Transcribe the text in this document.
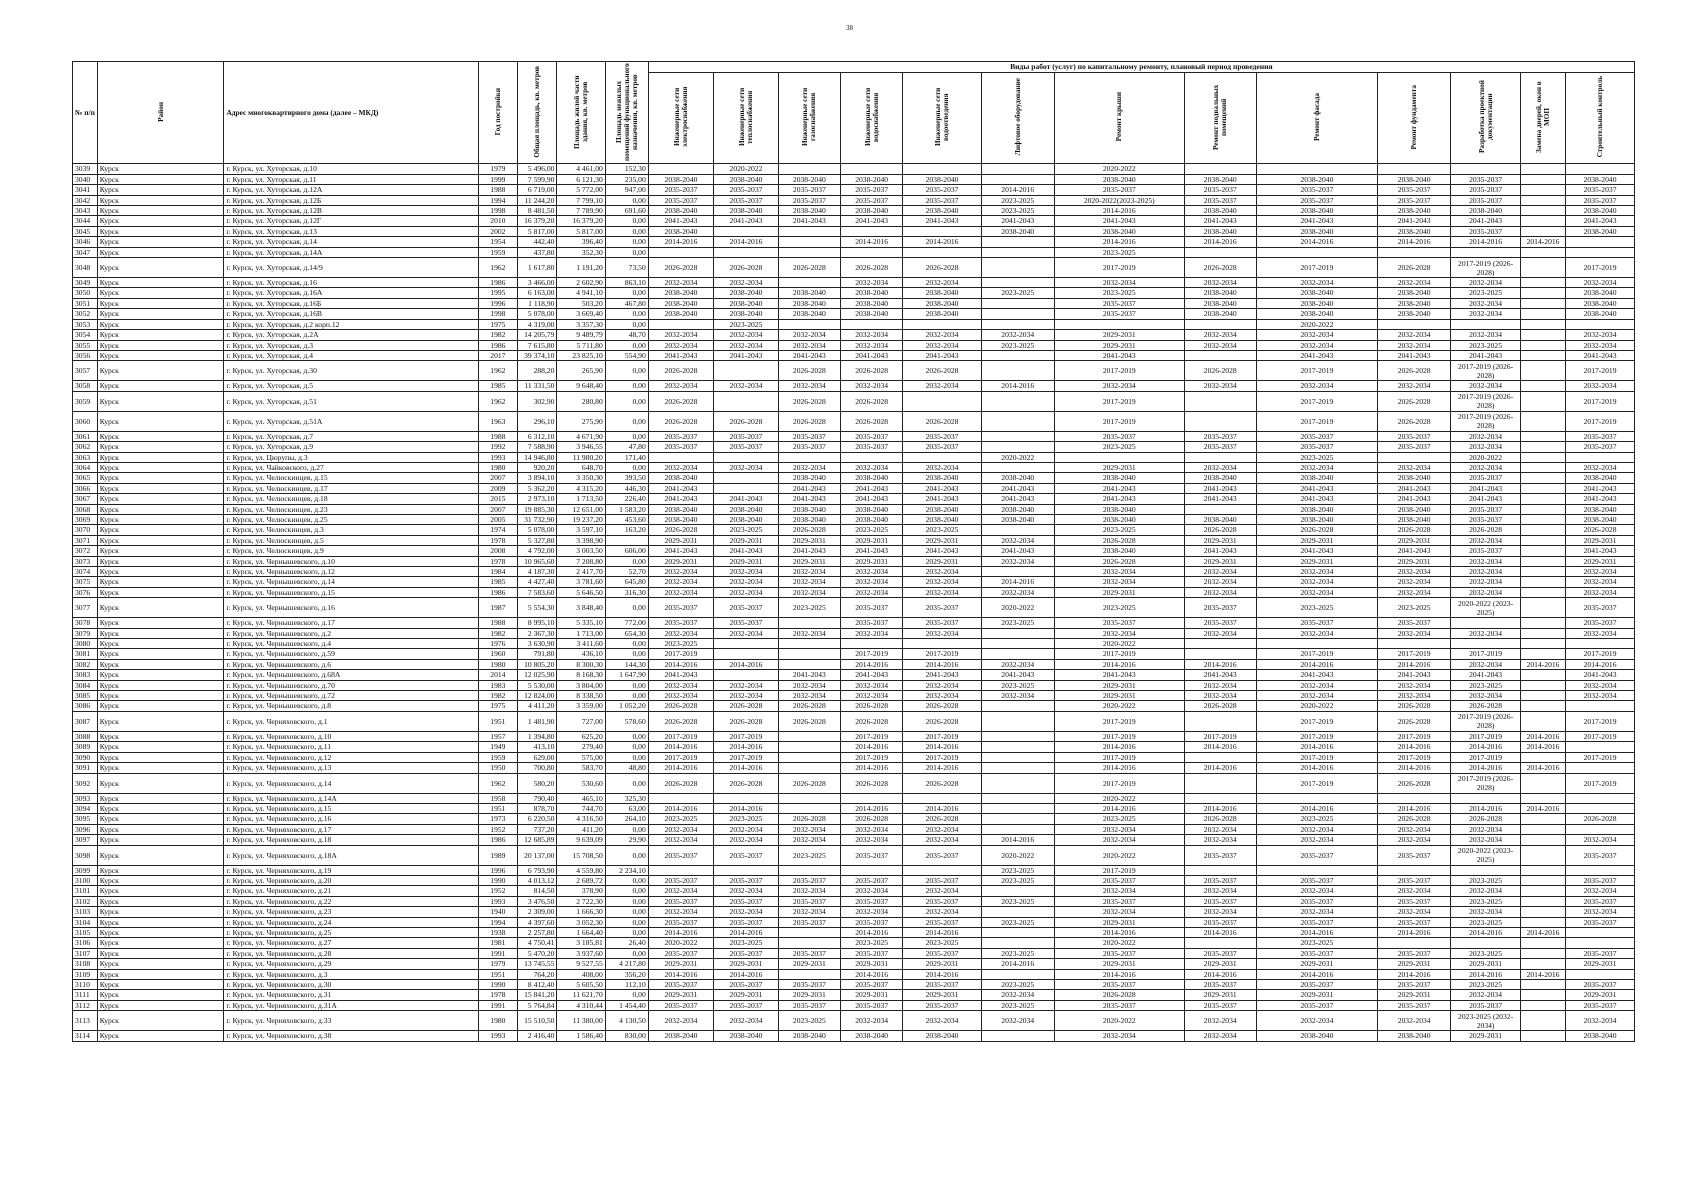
38
№ п/п	Район	Адрес многоквартирного дома (далее – МКД)	Год постройки	Общая площадь, кв. метров	Площадь жилой части здания, кв. метров	Площадь нежилых помещений функционального назначения, кв. метров	Виды работ (услуг) по капитальному ремонту, плановый период проведения												
							Инженерные сети электроснабжения	Инженерные сети теплоснабжения	Инженерные сети газоснабжения	Инженерные сети водоснабжения	Инженерные сети водоотведения	Лифтовое оборудование	Ремонт крыши	Ремонт подвальных помещений	Ремонт фасада	Ремонт фундамента	Разработка проектной документации	Замена дверей, окон в МОП	Строительный контроль
3039	Курск	г. Курск, ул. Хуторская, д.10	1979	5 496,00	4 461,00	152,30		2020-2022					2020-2022						
3040	Курск	г. Курск, ул. Хуторская, д.11	1999	7 599,90	6 121,30	235,00	2038-2040	2038-2040	2038-2040	2038-2040	2038-2040		2038-2040	2038-2040	2038-2040	2038-2040	2035-2037		2038-2040
3041	Курск	г. Курск, ул. Хуторская, д.12А	1988	6 719,00	5 772,00	947,00	2035-2037	2035-2037	2035-2037	2035-2037	2035-2037	2014-2016	2035-2037	2035-2037	2035-2037	2035-2037	2035-2037		2035-2037
3042	Курск	г. Курск, ул. Хуторская, д.12Б	1994	11 244,20	7 799,10	0,00	2035-2037	2035-2037	2035-2037	2035-2037	2035-2037	2023-2025	2020-2022(2023-2025)	2035-2037	2035-2037	2035-2037	2035-2037		2035-2037
3043	Курск	г. Курск, ул. Хуторская, д.12В	1998	8 481,50	7 789,90	691,60	2038-2040	2038-2040	2038-2040	2038-2040	2038-2040	2023-2025	2014-2016	2038-2040	2038-2040	2038-2040	2038-2040		2038-2040
3044	Курск	г. Курск, ул. Хуторская, д.12Г	2010	16 379,20	16 379,20	0,00	2041-2043	2041-2043	2041-2043	2041-2043	2041-2043	2041-2043	2041-2043	2041-2043	2041-2043	2041-2043	2041-2043		2041-2043
3045	Курск	г. Курск, ул. Хуторская, д.13	2002	5 817,00	5 817,00	0,00	2038-2040					2038-2040	2038-2040	2038-2040	2038-2040	2038-2040	2035-2037		2038-2040
3046	Курск	г. Курск, ул. Хуторская, д.14	1954	442,40	396,40	0,00	2014-2016	2014-2016		2014-2016	2014-2016		2014-2016	2014-2016	2014-2016	2014-2016	2014-2016	2014-2016	
3047	Курск	г. Курск, ул. Хуторская, д.14А	1959	437,80	352,30	0,00							2023-2025						
3048	Курск	г. Курск, ул. Хуторская, д.14/9	1962	1 617,80	1 191,20	73,50	2026-2028	2026-2028	2026-2028	2026-2028	2026-2028		2017-2019	2026-2028	2017-2019	2026-2028	2017-2019 (2026-2028)		2017-2019
3049	Курск	г. Курск, ул. Хуторская, д.16	1986	3 466,00	2 602,90	863,10	2032-2034	2032-2034		2032-2034	2032-2034		2032-2034	2032-2034	2032-2034	2032-2034	2032-2034		2032-2034
3050	Курск	г. Курск, ул. Хуторская, д.16А	1995	6 163,00	4 941,10	0,00	2038-2040	2038-2040	2038-2040	2038-2040	2038-2040	2023-2025	2023-2025	2038-2040	2038-2040	2038-2040	2023-2025		2038-2040
3051	Курск	г. Курск, ул. Хуторская, д.16Б	1996	1 118,90	503,20	467,80	2038-2040	2038-2040	2038-2040	2038-2040	2038-2040		2035-2037	2038-2040	2038-2040	2038-2040	2032-2034		2038-2040
3052	Курск	г. Курск, ул. Хуторская, д.16В	1998	5 078,00	3 669,40	0,00	2038-2040	2038-2040	2038-2040	2038-2040	2038-2040		2035-2037	2038-2040	2038-2040	2038-2040	2032-2034		2038-2040
3053	Курск	г. Курск, ул. Хуторская, д.2 корп.12	1975	4 319,00	3 357,30	0,00		2023-2025							2020-2022				
3054	Курск	г. Курск, ул. Хуторская, д.2А	1982	14 205,79	9 489,79	48,70	2032-2034	2032-2034	2032-2034	2032-2034	2032-2034	2032-2034	2029-2031	2032-2034	2032-2034	2032-2034	2032-2034		2032-2034
3055	Курск	г. Курск, ул. Хуторская, д.3	1986	7 615,80	5 711,80	0,00	2032-2034	2032-2034	2032-2034	2032-2034	2032-2034	2023-2025	2029-2031	2032-2034	2032-2034	2032-2034	2023-2025		2032-2034
3056	Курск	г. Курск, ул. Хуторская, д.4	2017	39 374,10	23 825,10	554,90	2041-2043	2041-2043	2041-2043	2041-2043	2041-2043		2041-2043		2041-2043	2041-2043	2041-2043		2041-2043
3057	Курск	г. Курск, ул. Хуторская, д.30	1962	288,20	265,90	0,00	2026-2028		2026-2028	2026-2028	2026-2028		2017-2019	2026-2028	2017-2019	2026-2028	2017-2019 (2026-2028)		2017-2019
3058	Курск	г. Курск, ул. Хуторская, д.5	1985	11 331,50	9 648,40	0,00	2032-2034	2032-2034	2032-2034	2032-2034	2032-2034	2014-2016	2032-2034	2032-2034	2032-2034	2032-2034	2032-2034		2032-2034
3059	Курск	г. Курск, ул. Хуторская, д.51	1962	302,90	280,80	0,00	2026-2028		2026-2028	2026-2028			2017-2019		2017-2019	2026-2028	2017-2019 (2026-2028)		2017-2019
3060	Курск	г. Курск, ул. Хуторская, д.51А	1963	296,10	275,90	0,00	2026-2028	2026-2028	2026-2028	2026-2028	2026-2028		2017-2019		2017-2019	2026-2028	2017-2019 (2026-2028)		2017-2019
3061	Курск	г. Курск, ул. Хуторская, д.7	1988	6 312,10	4 671,90	0,00	2035-2037	2035-2037	2035-2037	2035-2037	2035-2037		2035-2037	2035-2037	2035-2037	2035-2037	2032-2034		2035-2037
3062	Курск	г. Курск, ул. Хуторская, д.9	1992	7 588,90	3 946,55	47,80	2035-2037	2035-2037	2035-2037	2035-2037	2035-2037		2023-2025	2035-2037	2035-2037	2035-2037	2032-2034		2035-2037
3063	Курск	г. Курск, ул. Цюрупы, д.3	1993	14 946,80	11 980,20	171,40						2020-2022			2023-2025		2020-2022		
3064	Курск	г. Курск, ул. Чайковского, д.27	1980	920,20	648,70	0,00	2032-2034	2032-2034	2032-2034	2032-2034	2032-2034		2029-2031	2032-2034	2032-2034	2032-2034	2032-2034		2032-2034
3065	Курск	г. Курск, ул. Челюскинцев, д.15	2007	3 894,10	3 350,30	393,50	2038-2040		2038-2040	2038-2040	2038-2040	2038-2040	2038-2040	2038-2040	2038-2040	2038-2040	2035-2037		2038-2040
3066	Курск	г. Курск, ул. Челюскинцев, д.17	2009	5 362,20	4 315,20	446,30	2041-2043		2041-2043	2041-2043	2041-2043	2041-2043	2041-2043	2041-2043	2041-2043	2041-2043	2041-2043		2041-2043
3067	Курск	г. Курск, ул. Челюскинцев, д.18	2015	2 973,10	1 713,50	226,40	2041-2043	2041-2043	2041-2043	2041-2043	2041-2043	2041-2043	2041-2043	2041-2043	2041-2043	2041-2043	2041-2043		2041-2043
3068	Курск	г. Курск, ул. Челюскинцев, д.23	2007	19 885,30	12 651,00	1 583,20	2038-2040	2038-2040	2038-2040	2038-2040	2038-2040	2038-2040	2038-2040		2038-2040	2038-2040	2035-2037		2038-2040
3069	Курск	г. Курск, ул. Челюскинцев, д.25	2005	31 732,90	19 237,20	453,60	2038-2040	2038-2040	2038-2040	2038-2040	2038-2040	2038-2040	2038-2040	2038-2040	2038-2040	2038-2040	2035-2037		2038-2040
3070	Курск	г. Курск, ул. Челюскинцев, д.3	1974	5 078,00	3 597,10	163,20	2026-2028	2023-2025	2026-2028	2023-2025	2023-2025		2023-2025	2026-2028	2026-2028	2026-2028	2026-2028		2026-2028
3071	Курск	г. Курск, ул. Челюскинцев, д.5	1978	5 327,80	3 398,90		2029-2031	2029-2031	2029-2031	2029-2031	2029-2031	2032-2034	2026-2028	2029-2031	2029-2031	2029-2031	2032-2034		2029-2031
3072	Курск	г. Курск, ул. Челюскинцев, д.9	2008	4 792,00	3 003,50	606,00	2041-2043	2041-2043	2041-2043	2041-2043	2041-2043	2041-2043	2038-2040	2041-2043	2041-2043	2041-2043	2035-2037		2041-2043
3073	Курск	г. Курск, ул. Чернышевского, д.10	1978	10 965,60	7 208,80	0,00	2029-2031	2029-2031	2029-2031	2029-2031	2029-2031	2032-2034	2026-2028	2029-2031	2029-2031	2029-2031	2032-2034		2029-2031
3074	Курск	г. Курск, ул. Чернышевского, д.12	1984	4 187,30	2 417,70	52,70	2032-2034	2032-2034	2032-2034	2032-2034	2032-2034		2032-2034	2032-2034	2032-2034	2032-2034	2032-2034		2032-2034
3075	Курск	г. Курск, ул. Чернышевского, д.14	1985	4 427,40	3 781,60	645,80	2032-2034	2032-2034	2032-2034	2032-2034	2032-2034	2014-2016	2032-2034	2032-2034	2032-2034	2032-2034	2032-2034		2032-2034
3076	Курск	г. Курск, ул. Чернышевского, д.15	1986	7 583,60	5 646,50	316,30	2032-2034	2032-2034	2032-2034	2032-2034	2032-2034	2032-2034	2029-2031	2032-2034	2032-2034	2032-2034	2032-2034		2032-2034
3077	Курск	г. Курск, ул. Чернышевского, д.16	1987	5 554,30	3 848,40	0,00	2035-2037	2035-2037	2023-2025	2035-2037	2035-2037	2020-2022	2023-2025	2035-2037	2023-2025	2023-2025	2020-2022 (2023-2025)		2035-2037
3078	Курск	г. Курск, ул. Чернышевского, д.17	1988	8 995,10	5 335,10	772,00	2035-2037	2035-2037		2035-2037	2035-2037	2023-2025	2035-2037	2035-2037	2035-2037	2035-2037			2035-2037
3079	Курск	г. Курск, ул. Чернышевского, д.2	1982	2 367,30	1 713,00	654,30	2032-2034	2032-2034	2032-2034	2032-2034	2032-2034		2032-2034	2032-2034	2032-2034	2032-2034	2032-2034		2032-2034
3080	Курск	г. Курск, ул. Чернышевского, д.4	1976	3 630,90	3 411,60	0,00	2023-2025						2020-2022						
3081	Курск	г. Курск, ул. Чернышевского, д.59	1960	791,80	436,10	0,00	2017-2019			2017-2019	2017-2019		2017-2019		2017-2019	2017-2019	2017-2019		2017-2019
3082	Курск	г. Курск, ул. Чернышевского, д.6	1980	10 805,20	8 300,30	144,30	2014-2016	2014-2016		2014-2016	2014-2016	2032-2034	2014-2016	2014-2016	2014-2016	2014-2016	2032-2034	2014-2016	2014-2016
3083	Курск	г. Курск, ул. Чернышевского, д.68А	2014	12 025,90	8 168,30	1 647,90	2041-2043		2041-2043	2041-2043	2041-2043	2041-2043	2041-2043	2041-2043	2041-2043	2041-2043	2041-2043		2041-2043
3084	Курск	г. Курск, ул. Чернышевского, д.70	1983	5 530,00	3 804,00	0,00	2032-2034	2032-2034	2032-2034	2032-2034	2032-2034	2023-2025	2029-2031	2032-2034	2032-2034	2032-2034	2023-2025		2032-2034
3085	Курск	г. Курск, ул. Чернышевского, д.72	1982	12 824,00	8 338,50	0,00	2032-2034	2032-2034	2032-2034	2032-2034	2032-2034	2032-2034	2029-2031	2032-2034	2032-2034	2032-2034	2032-2034		2032-2034
3086	Курск	г. Курск, ул. Чернышевского, д.8	1975	4 411,20	3 359,00	1 052,20	2026-2028	2026-2028	2026-2028	2026-2028	2026-2028		2020-2022	2026-2028	2020-2022	2026-2028	2026-2028		
3087	Курск	г. Курск, ул. Черняховского, д.1	1951	1 481,90	727,00	578,60	2026-2028	2026-2028	2026-2028	2026-2028	2026-2028		2017-2019		2017-2019	2026-2028	2017-2019 (2026-2028)		2017-2019
3088	Курск	г. Курск, ул. Черняховского, д.10	1957	1 394,80	625,20	0,00	2017-2019	2017-2019		2017-2019	2017-2019		2017-2019	2017-2019	2017-2019	2017-2019	2017-2019	2014-2016	2017-2019
3089	Курск	г. Курск, ул. Черняховского, д.11	1949	413,10	279,40	0,00	2014-2016	2014-2016		2014-2016	2014-2016		2014-2016	2014-2016	2014-2016	2014-2016	2014-2016	2014-2016	
3090	Курск	г. Курск, ул. Черняховского, д.12	1959	629,00	575,00	0,00	2017-2019	2017-2019		2017-2019	2017-2019		2017-2019		2017-2019	2017-2019	2017-2019		2017-2019
3091	Курск	г. Курск, ул. Черняховского, д.13	1950	700,80	583,70	48,80	2014-2016	2014-2016		2014-2016	2014-2016		2014-2016	2014-2016	2014-2016	2014-2016	2014-2016	2014-2016	
3092	Курск	г. Курск, ул. Черняховского, д.14	1962	580,20	530,60	0,00	2026-2028	2026-2028	2026-2028	2026-2028	2026-2028		2017-2019		2017-2019	2026-2028	2017-2019 (2026-2028)		2017-2019
3093	Курск	г. Курск, ул. Черняховского, д.14А	1958	790,40	465,10	325,30							2020-2022						
3094	Курск	г. Курск, ул. Черняховского, д.15	1951	878,70	744,70	63,00	2014-2016	2014-2016		2014-2016	2014-2016		2014-2016	2014-2016	2014-2016	2014-2016	2014-2016	2014-2016	
3095	Курск	г. Курск, ул. Черняховского, д.16	1973	6 220,50	4 316,50	264,10	2023-2025	2023-2025	2026-2028	2026-2028	2026-2028		2023-2025	2026-2028	2023-2025	2026-2028	2026-2028		2026-2028
3096	Курск	г. Курск, ул. Черняховского, д.17	1952	737,20	411,20	0,00	2032-2034	2032-2034	2032-2034	2032-2034	2032-2034		2032-2034	2032-2034	2032-2034	2032-2034	2032-2034		
3097	Курск	г. Курск, ул. Черняховского, д.18	1986	12 685,89	9 639,09	29,90	2032-2034	2032-2034	2032-2034	2032-2034	2032-2034	2014-2016	2032-2034	2032-2034	2032-2034	2032-2034	2032-2034		2032-2034
3098	Курск	г. Курск, ул. Черняховского, д.18А	1989	20 137,00	15 708,50	0,00	2035-2037	2035-2037	2023-2025	2035-2037	2035-2037	2020-2022	2020-2022	2035-2037	2035-2037	2035-2037	2020-2022 (2023-2025)		2035-2037
3099	Курск	г. Курск, ул. Черняховского, д.19	1996	6 793,90	4 559,80	2 234,10						2023-2025	2017-2019						
3100	Курск	г. Курск, ул. Черняховского, д.20	1990	4 013,12	2 689,72	0,00	2035-2037	2035-2037	2035-2037	2035-2037	2035-2037	2023-2025	2035-2037	2035-2037	2035-2037	2035-2037	2023-2025		2035-2037
3101	Курск	г. Курск, ул. Черняховского, д.21	1952	814,50	378,90	0,00	2032-2034	2032-2034	2032-2034	2032-2034	2032-2034		2032-2034	2032-2034	2032-2034	2032-2034	2032-2034		2032-2034
3102	Курск	г. Курск, ул. Черняховского, д.22	1993	3 476,50	2 722,30	0,00	2035-2037	2035-2037	2035-2037	2035-2037	2035-2037	2023-2025	2035-2037	2035-2037	2035-2037	2035-2037	2023-2025		2035-2037
3103	Курск	г. Курск, ул. Черняховского, д.23	1940	2 309,00	1 666,30	0,00	2032-2034	2032-2034	2032-2034	2032-2034	2032-2034		2032-2034	2032-2034	2032-2034	2032-2034	2032-2034		2032-2034
3104	Курск	г. Курск, ул. Черняховского, д.24	1994	4 397,60	3 052,30	0,00	2035-2037	2035-2037	2035-2037	2035-2037	2035-2037	2023-2025	2029-2031	2035-2037	2035-2037	2035-2037	2023-2025		2035-2037
3105	Курск	г. Курск, ул. Черняховского, д.25	1938	2 257,80	1 664,40	0,00	2014-2016	2014-2016		2014-2016	2014-2016		2014-2016	2014-2016	2014-2016	2014-2016	2014-2016	2014-2016	
3106	Курск	г. Курск, ул. Черняховского, д.27	1981	4 750,41	3 185,81	26,40	2020-2022	2023-2025		2023-2025	2023-2025		2020-2022		2023-2025				
3107	Курск	г. Курск, ул. Черняховского, д.28	1991	5 470,20	3 937,60	0,00	2035-2037	2035-2037	2035-2037	2035-2037	2035-2037	2023-2025	2035-2037	2035-2037	2035-2037	2035-2037	2023-2025		2035-2037
3108	Курск	г. Курск, ул. Черняховского, д.29	1979	13 745,55	9 527,55	4 217,80	2029-2031	2029-2031	2029-2031	2029-2031	2029-2031	2014-2016	2029-2031	2029-2031	2029-2031	2029-2031	2029-2031		2029-2031
3109	Курск	г. Курск, ул. Черняховского, д.3	1951	764,20	408,00	356,20	2014-2016	2014-2016		2014-2016	2014-2016		2014-2016	2014-2016	2014-2016	2014-2016	2014-2016	2014-2016	
3110	Курск	г. Курск, ул. Черняховского, д.30	1990	8 412,40	5 605,50	112,10	2035-2037	2035-2037	2035-2037	2035-2037	2035-2037	2023-2025	2035-2037	2035-2037	2035-2037	2035-2037	2023-2025		2035-2037
3111	Курск	г. Курск, ул. Черняховского, д.31	1978	15 841,20	11 621,70	0,00	2029-2031	2029-2031	2029-2031	2029-2031	2029-2031	2032-2034	2026-2028	2029-2031	2029-2031	2029-2031	2032-2034		2029-2031
3112	Курск	г. Курск, ул. Черняховского, д.31А	1991	5 764,84	4 310,44	1 454,40	2035-2037	2035-2037	2035-2037	2035-2037	2035-2037	2023-2025	2035-2037	2035-2037	2035-2037	2035-2037	2035-2037		2035-2037
3113	Курск	г. Курск, ул. Черняховского, д.33	1980	15 510,50	11 380,00	4 130,50	2032-2034	2032-2034	2023-2025	2032-2034	2032-2034	2032-2034	2020-2022	2032-2034	2032-2034	2032-2034	2023-2025 (2032-2034)		2032-2034
3114	Курск	г. Курск, ул. Черняховского, д.38	1993	2 416,40	1 586,40	830,00	2038-2040	2038-2040	2038-2040	2038-2040	2038-2040		2032-2034	2032-2034	2038-2040	2038-2040	2029-2031		2038-2040
